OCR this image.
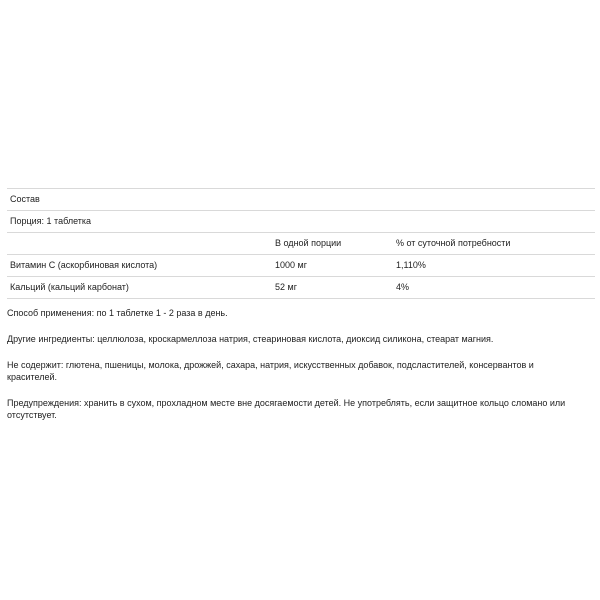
Состав		
Порция: 1 таблетка		
	В одной порции	% от суточной потребности
Витамин С (аскорбиновая кислота)	1000 мг	1,110%
Кальций (кальций карбонат)	52 мг	4%

Способ применения: по 1 таблетке 1 - 2 раза в день.

Другие ингредиенты: целлюлоза, кроскармеллоза натрия, стеариновая кислота, диоксид силикона, стеарат магния.

Не содержит: глютена, пшеницы, молока, дрожжей, сахара, натрия, искусственных добавок, подсластителей, консервантов и красителей.

Предупреждения: хранить в сухом, прохладном месте вне досягаемости детей. Не употреблять, если защитное кольцо сломано или отсутствует.
